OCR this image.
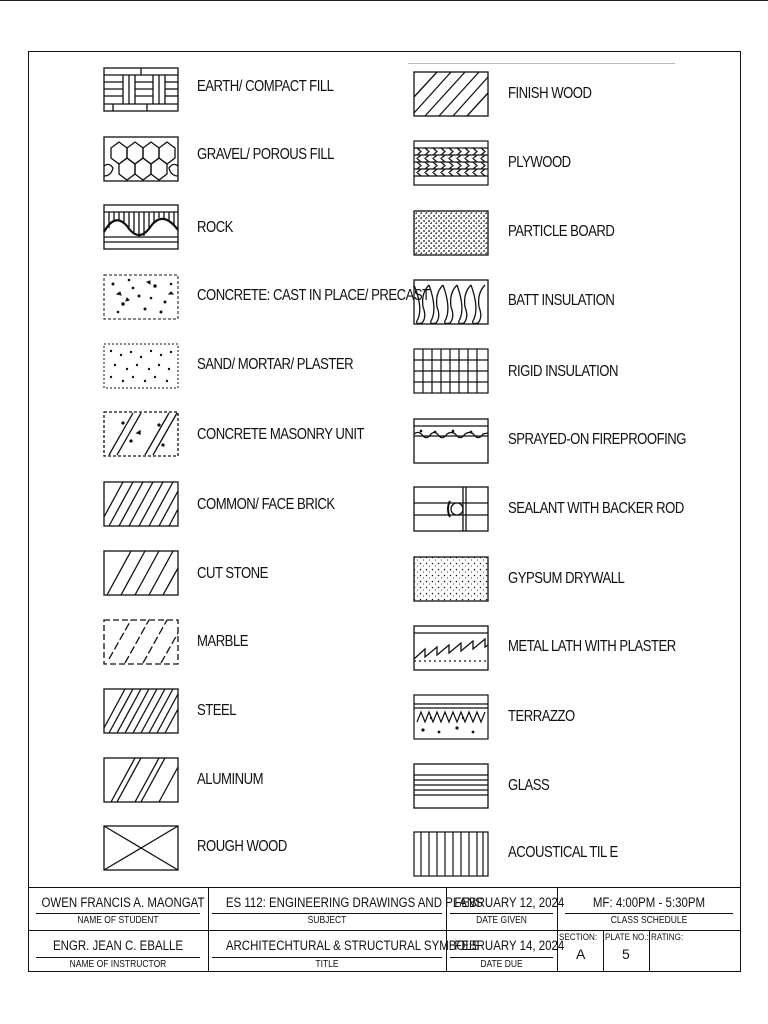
EARTH/ COMPACT FILL
GRAVEL/ POROUS FILL
ROCK
CONCRETE: CAST IN PLACE/ PRECAST
SAND/ MORTAR/ PLASTER
CONCRETE MASONRY UNIT
COMMON/ FACE BRICK
CUT STONE
MARBLE
STEEL
ALUMINUM
ROUGH WOOD
FINISH WOOD
PLYWOOD
PARTICLE BOARD
BATT INSULATION
RIGID INSULATION
SPRAYED-ON FIREPROOFING
SEALANT WITH BACKER ROD
GYPSUM DRYWALL
METAL LATH WITH PLASTER
TERRAZZO
GLASS
ACOUSTICAL TIL E
OWEN FRANCIS A. MAONGAT
NAME OF STUDENT
ES 112: ENGINEERING DRAWINGS AND PLANS
SUBJECT
FEBRUARY 12, 2024
DATE GIVEN
MF: 4:00PM - 5:30PM
CLASS SCHEDULE
ENGR. JEAN C. EBALLE
NAME OF INSTRUCTOR
ARCHITECHTURAL & STRUCTURAL SYMBOLS
TITLE
FEBRUARY 14, 2024
DATE DUE
SECTION:
A
PLATE NO.:
5
RATING:
